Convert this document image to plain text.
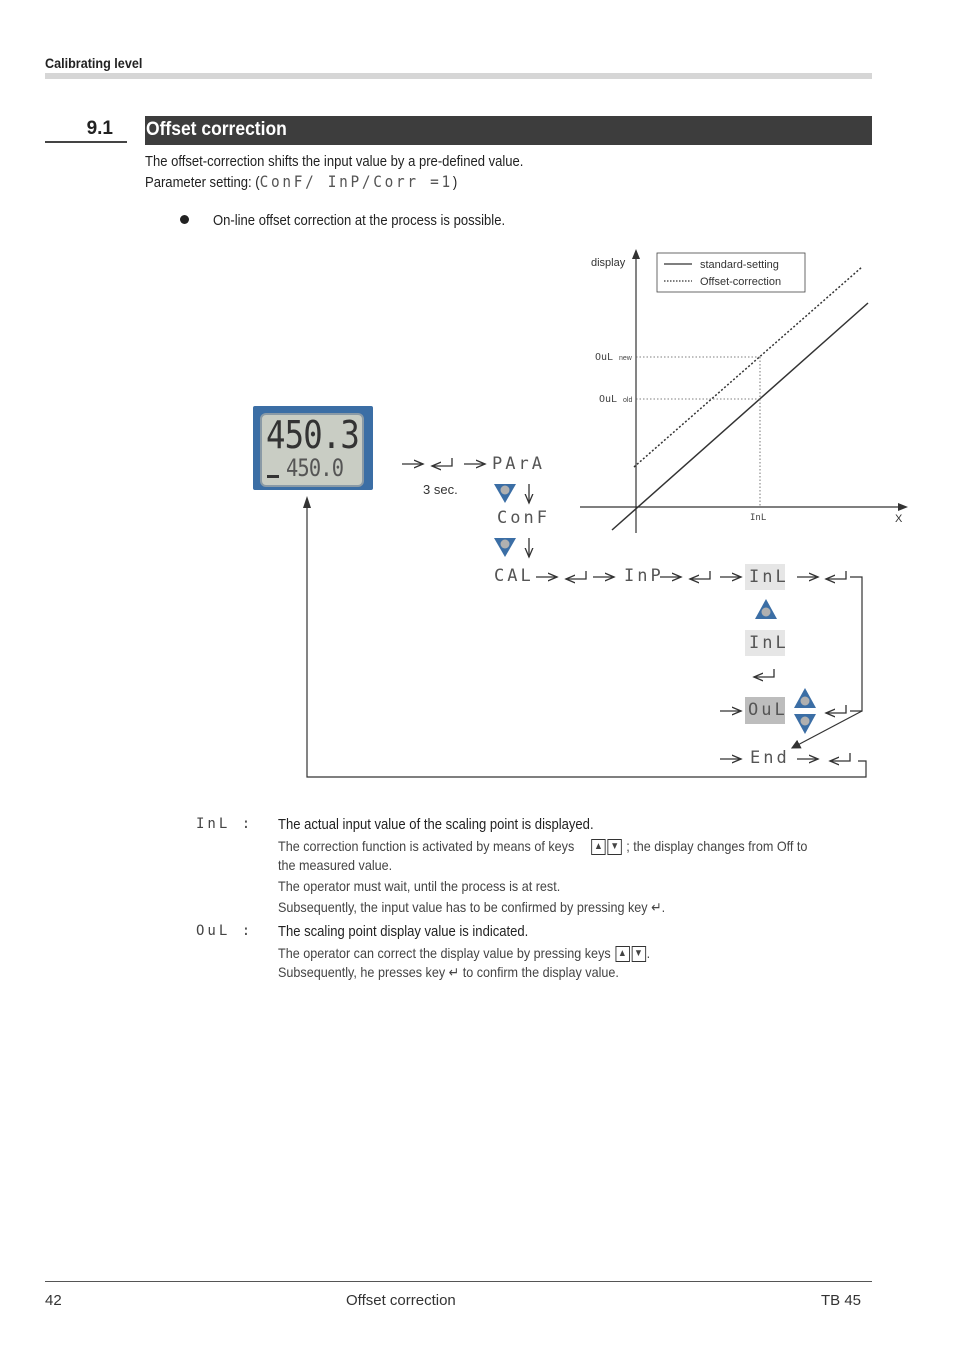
Calibrating level
9.1	Offset correction
The offset-correction shifts the input value by a pre-defined value.
Parameter setting: (ConF/ InP/Corr =1)
On-line offset correction at the process is possible.
standard-setting
Offset-correction
display
X
OuL new
OuL old
InL
450.3
450.0
3 sec.
PArA
ConF
CAL	InP	InL
InL
OuL
End
InL : The actual input value of the scaling point is displayed.
The correction function is activated by means of keys ▲ ▼ ; the display changes from Off to
the measured value.
The operator must wait, until the process is at rest.
Subsequently, the input value has to be confirmed by pressing key ↵.
OuL : The scaling point display value is indicated.
The operator can correct the display value by pressing keys ▲ ▼ .
Subsequently, he presses key ↵ to confirm the display value.
42	Offset correction	TB 45
